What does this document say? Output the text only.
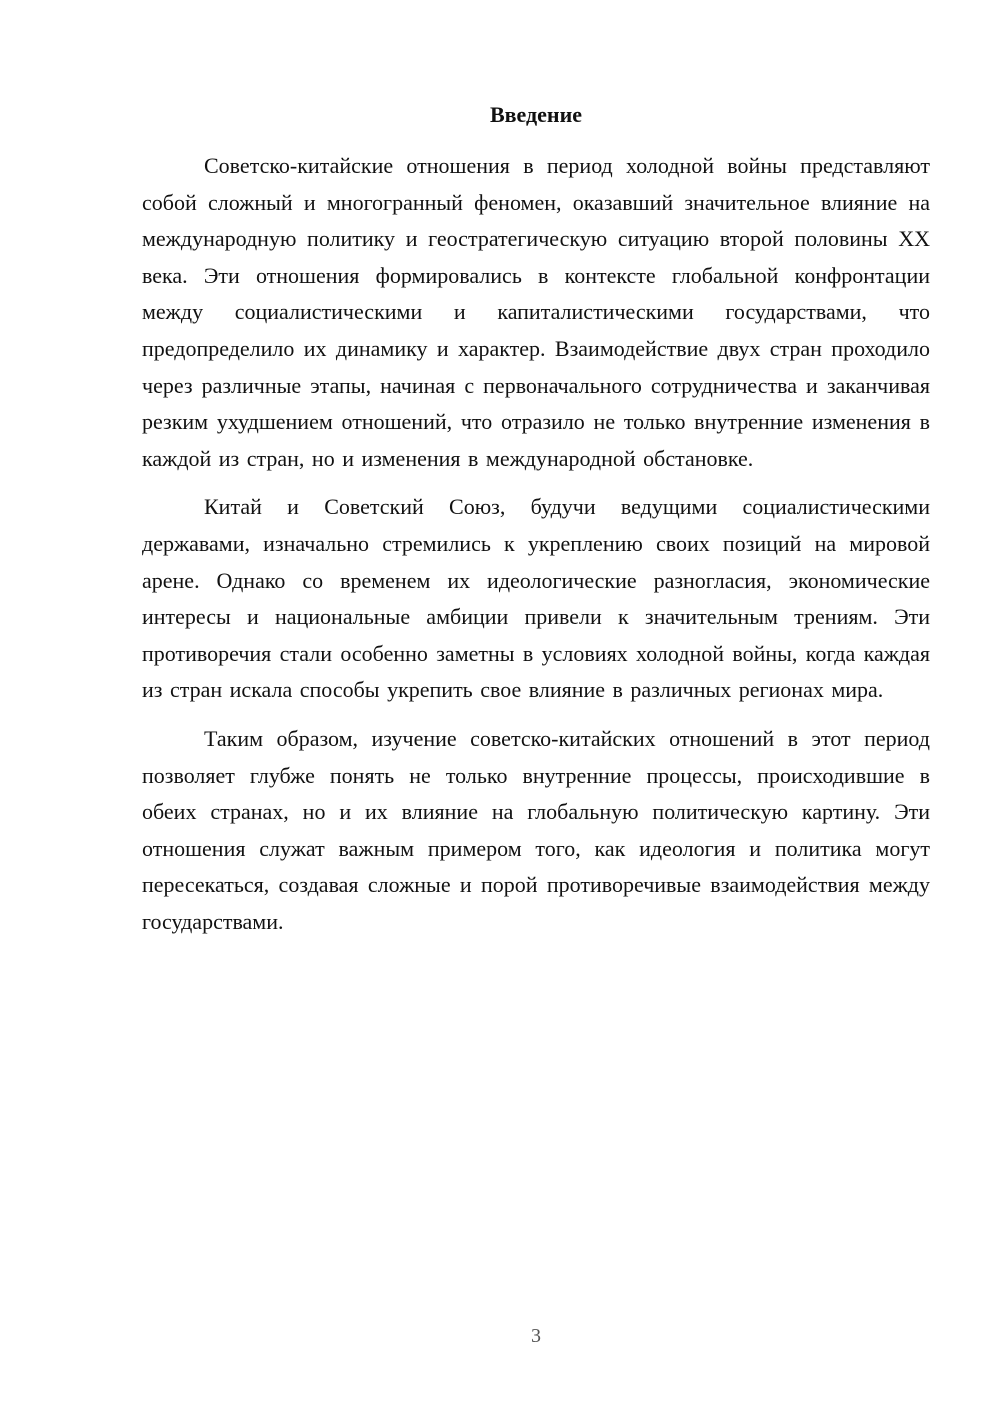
Введение

Советско-китайские отношения в период холодной войны представляют собой сложный и многогранный феномен, оказавший значительное влияние на международную политику и геостратегическую ситуацию второй половины XX века. Эти отношения формировались в контексте глобальной конфронтации между социалистическими и капиталистическими государствами, что предопределило их динамику и характер. Взаимодействие двух стран проходило через различные этапы, начиная с первоначального сотрудничества и заканчивая резким ухудшением отношений, что отразило не только внутренние изменения в каждой из стран, но и изменения в международной обстановке.

Китай и Советский Союз, будучи ведущими социалистическими державами, изначально стремились к укреплению своих позиций на мировой арене. Однако со временем их идеологические разногласия, экономические интересы и национальные амбиции привели к значительным трениям. Эти противоречия стали особенно заметны в условиях холодной войны, когда каждая из стран искала способы укрепить свое влияние в различных регионах мира.

Таким образом, изучение советско-китайских отношений в этот период позволяет глубже понять не только внутренние процессы, происходившие в обеих странах, но и их влияние на глобальную политическую картину. Эти отношения служат важным примером того, как идеология и политика могут пересекаться, создавая сложные и порой противоречивые взаимодействия между государствами.

3
